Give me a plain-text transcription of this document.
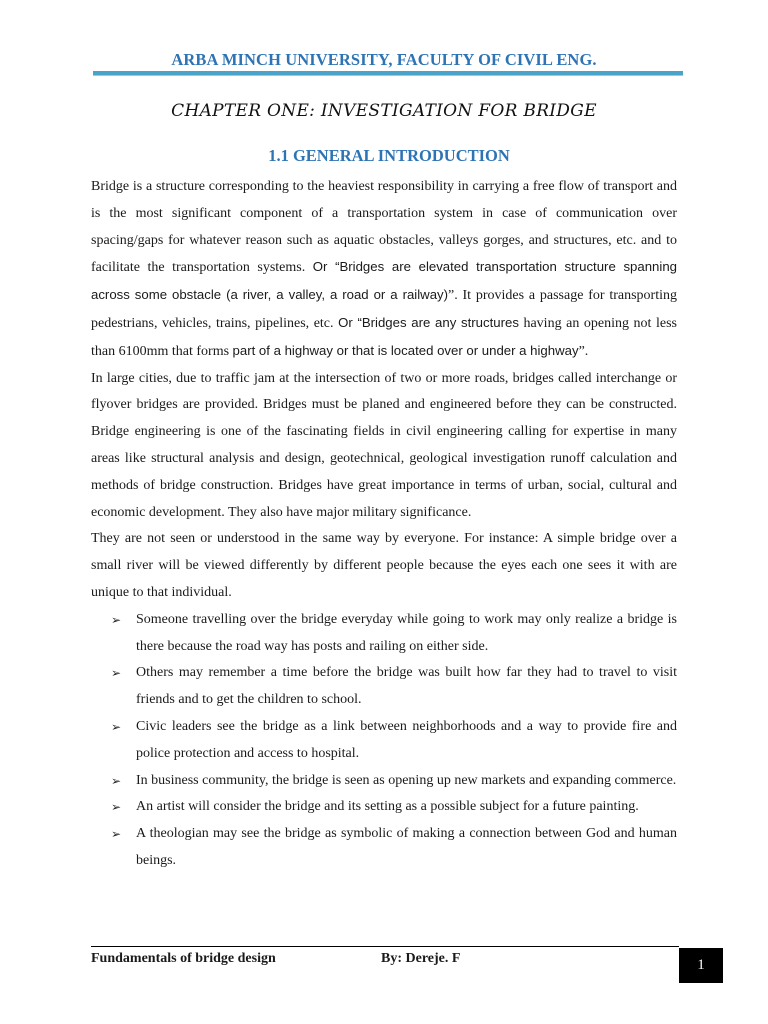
ARBA MINCH UNIVERSITY, FACULTY OF CIVIL ENG.
CHAPTER ONE: INVESTIGATION FOR BRIDGE
1.1 GENERAL INTRODUCTION

Bridge is a structure corresponding to the heaviest responsibility in carrying a free flow of transport and is the most significant component of a transportation system in case of communication over spacing/gaps for whatever reason such as aquatic obstacles, valleys gorges, and structures, etc. and to facilitate the transportation systems. Or “Bridges are elevated transportation structure spanning across some obstacle (a river, a valley, a road or a railway)”. It provides a passage for transporting pedestrians, vehicles, trains, pipelines, etc. Or “Bridges are any structures having an opening not less than 6100mm that forms part of a highway or that is located over or under a highway”.

In large cities, due to traffic jam at the intersection of two or more roads, bridges called interchange or flyover bridges are provided. Bridges must be planed and engineered before they can be constructed. Bridge engineering is one of the fascinating fields in civil engineering calling for expertise in many areas like structural analysis and design, geotechnical, geological investigation runoff calculation and methods of bridge construction. Bridges have great importance in terms of urban, social, cultural and economic development. They also have major military significance.

They are not seen or understood in the same way by everyone. For instance: A simple bridge over a small river will be viewed differently by different people because the eyes each one sees it with are unique to that individual.

➢ Someone travelling over the bridge everyday while going to work may only realize a bridge is there because the road way has posts and railing on either side.
➢ Others may remember a time before the bridge was built how far they had to travel to visit friends and to get the children to school.
➢ Civic leaders see the bridge as a link between neighborhoods and a way to provide fire and police protection and access to hospital.
➢ In business community, the bridge is seen as opening up new markets and expanding commerce.
➢ An artist will consider the bridge and its setting as a possible subject for a future painting.
➢ A theologian may see the bridge as symbolic of making a connection between God and human beings.
Fundamentals of bridge design	By: Dereje. F	1
